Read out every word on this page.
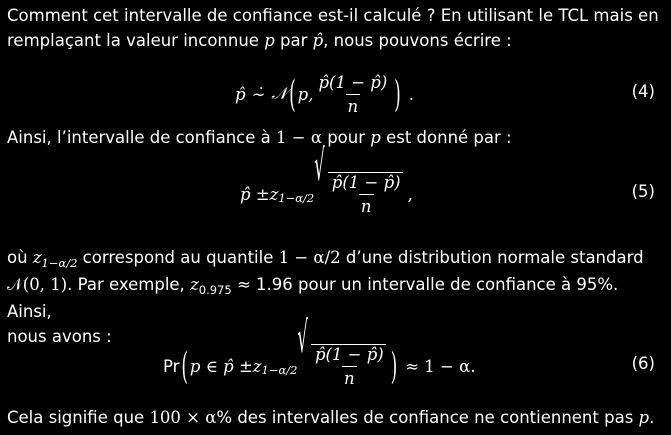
Comment cet intervalle de confiance est-il calculé ? En utilisant le TCL mais en
remplaçant la valeur inconnue p par p̂, nous pouvons écrire :
p̂ ∼̇ 𝒩 ( p, $\frac{p̂(1 - p̂)}{n}$ ) .	(4)
Ainsi, l’intervalle de confiance à 1 − α pour p est donné par :
p̂ ± z 1−α/2
√
$\frac{p̂(1 - p̂)}{n}$ ,	(5)
où $z_{1-\alpha/2}$ correspond au quantile 1 − α/2 d’une distribution normale standard
𝒩(0, 1). Par exemple, $z_{0.975} \approx 1.96$ pour un intervalle de confiance à 95%. Ainsi,
nous avons :
Pr ( p ∈ p̂ ± z 1−α/2
√
$\frac{p̂(1 - p̂)}{n}$ ) ≈ 1 − α.	(6)
Cela signifie que 100 × α% des intervalles de confiance ne contiennent pas p.
